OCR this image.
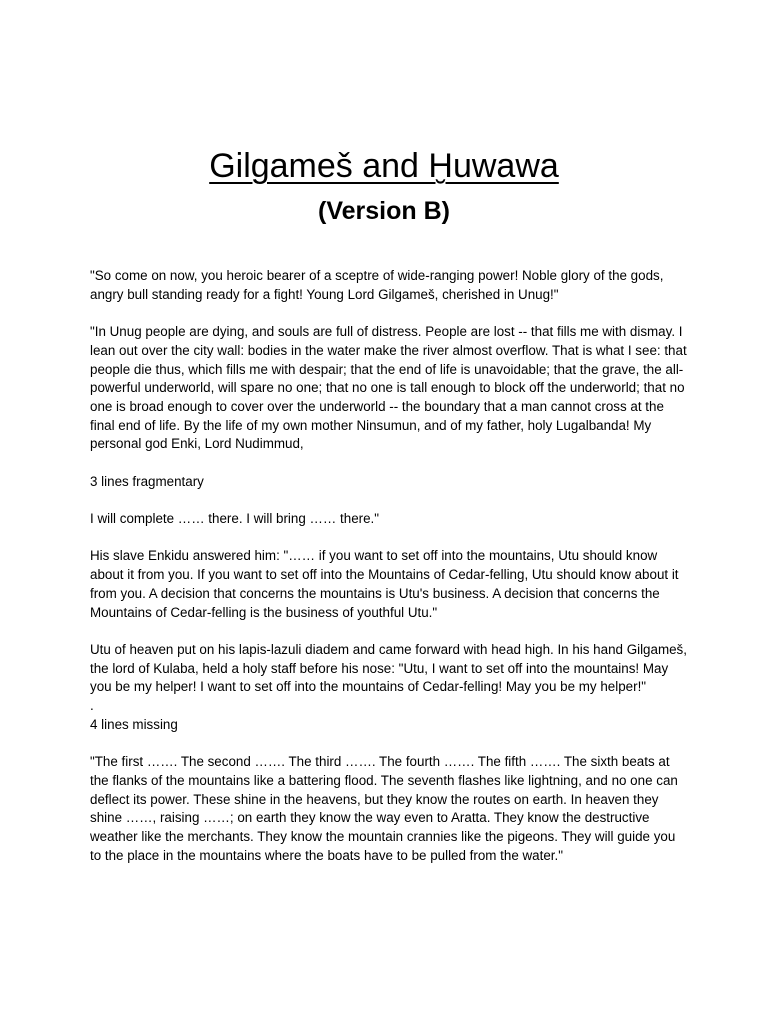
Gilgameš and Ḫuwawa
(Version B)

"So come on now, you heroic bearer of a sceptre of wide-ranging power! Noble glory of the gods, angry bull standing ready for a fight! Young Lord Gilgameš, cherished in Unug!"

"In Unug people are dying, and souls are full of distress. People are lost -- that fills me with dismay. I lean out over the city wall: bodies in the water make the river almost overflow. That is what I see: that people die thus, which fills me with despair; that the end of life is unavoidable; that the grave, the all-powerful underworld, will spare no one; that no one is tall enough to block off the underworld; that no one is broad enough to cover over the underworld -- the boundary that a man cannot cross at the final end of life. By the life of my own mother Ninsumun, and of my father, holy Lugalbanda! My personal god Enki, Lord Nudimmud,

3 lines fragmentary

I will complete …… there. I will bring …… there."

His slave Enkidu answered him: "…… if you want to set off into the mountains, Utu should know about it from you. If you want to set off into the Mountains of Cedar-felling, Utu should know about it from you. A decision that concerns the mountains is Utu's business. A decision that concerns the Mountains of Cedar-felling is the business of youthful Utu."

Utu of heaven put on his lapis-lazuli diadem and came forward with head high. In his hand Gilgameš, the lord of Kulaba, held a holy staff before his nose: "Utu, I want to set off into the mountains! May you be my helper! I want to set off into the mountains of Cedar-felling! May you be my helper!"

.

4 lines missing

"The first ……. The second ……. The third ……. The fourth ……. The fifth ……. The sixth beats at the flanks of the mountains like a battering flood. The seventh flashes like lightning, and no one can deflect its power. These shine in the heavens, but they know the routes on earth. In heaven they shine ……, raising ……; on earth they know the way even to Aratta. They know the destructive weather like the merchants. They know the mountain crannies like the pigeons. They will guide you to the place in the mountains where the boats have to be pulled from the water."
